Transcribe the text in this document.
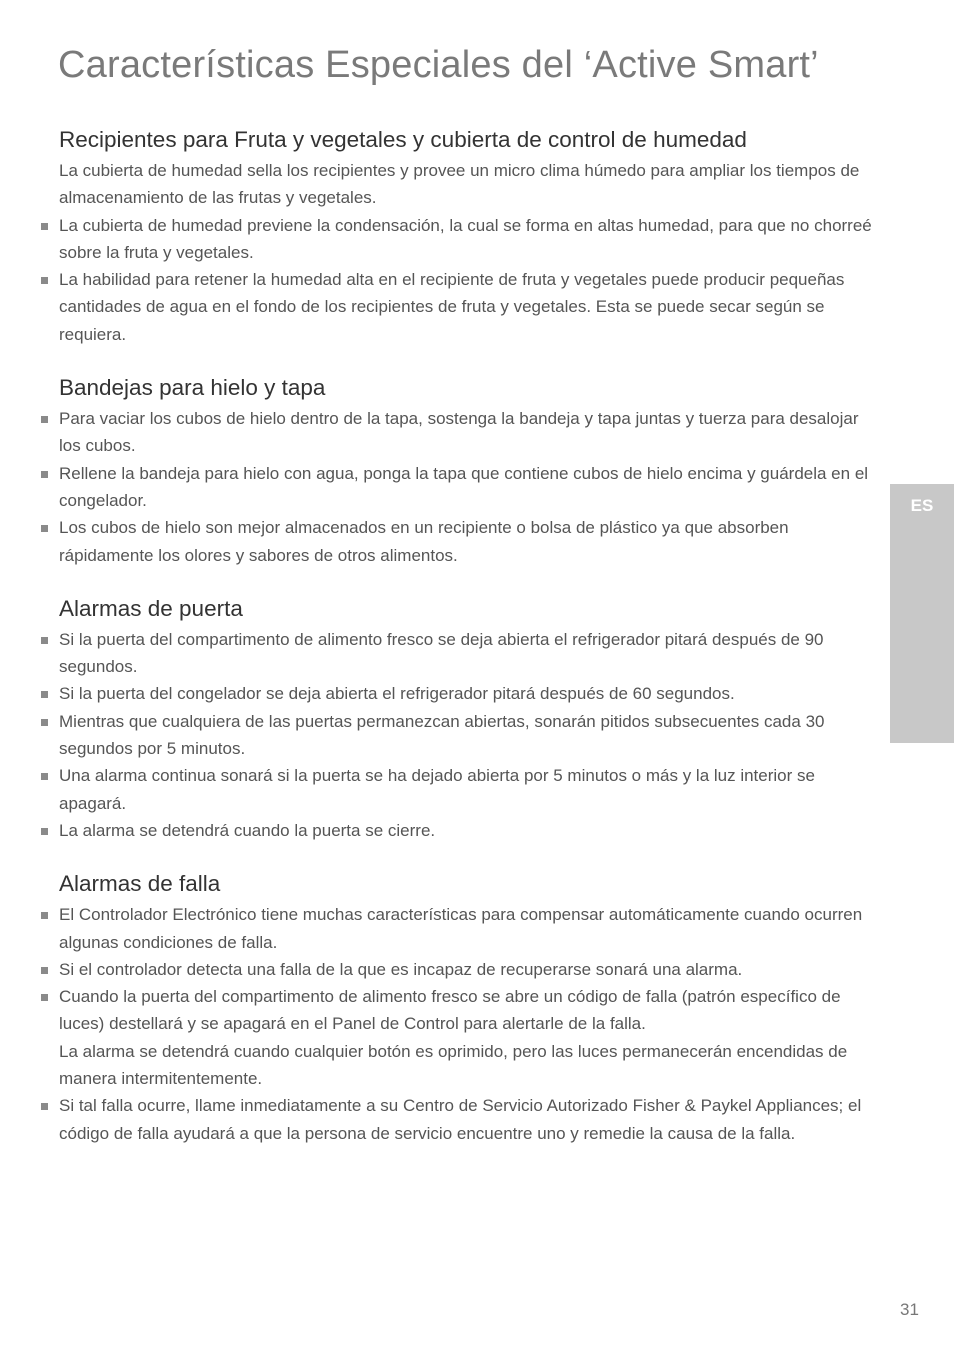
Características Especiales del ‘Active Smart’
Recipientes para Fruta y vegetales y cubierta de control de humedad

La cubierta de humedad sella los recipientes y provee un micro clima húmedo para ampliar los tiempos de almacenamiento de las frutas y vegetales.

La cubierta de humedad previene la condensación, la cual se forma en altas humedad, para que no chorreé sobre la fruta y vegetales.
La habilidad para retener la humedad alta en el recipiente de fruta y vegetales puede producir pequeñas cantidades de agua en el fondo de los recipientes de fruta y vegetales. Esta se puede secar según se requiera.
Bandejas para hielo y tapa
Para vaciar los cubos de hielo dentro de la tapa, sostenga la bandeja y tapa juntas y tuerza para desalojar los cubos.
Rellene la bandeja para hielo con agua, ponga la tapa que contiene cubos de hielo encima y guárdela en el congelador.
Los cubos de hielo son mejor almacenados en un recipiente o bolsa de plástico ya que absorben rápidamente los olores y sabores de otros alimentos.
Alarmas de puerta
Si la puerta del compartimento de alimento fresco se deja abierta el refrigerador pitará después de 90 segundos.
Si la puerta del congelador se deja abierta el refrigerador pitará después de 60 segundos.
Mientras que cualquiera de las puertas permanezcan abiertas, sonarán pitidos subsecuentes cada 30 segundos por 5 minutos.
Una alarma continua sonará si la puerta se ha dejado abierta por 5 minutos o más y la luz interior se apagará.
La alarma se detendrá cuando la puerta se cierre.
Alarmas de falla
El Controlador Electrónico tiene muchas características para compensar automáticamente cuando ocurren algunas condiciones de falla.
Si el controlador detecta una falla de la que es incapaz de recuperarse sonará una alarma.
Cuando la puerta del compartimento de alimento fresco se abre un código de falla (patrón específico de luces) destellará y se apagará en el Panel de Control para alertarle de la falla.
La alarma se detendrá cuando cualquier botón es oprimido, pero las luces permanecerán encendidas de manera intermitentemente.
Si tal falla ocurre, llame inmediatamente a su Centro de Servicio Autorizado Fisher & Paykel Appliances; el código de falla ayudará a que la persona de servicio encuentre uno y remedie la causa de la falla.
ES
31
